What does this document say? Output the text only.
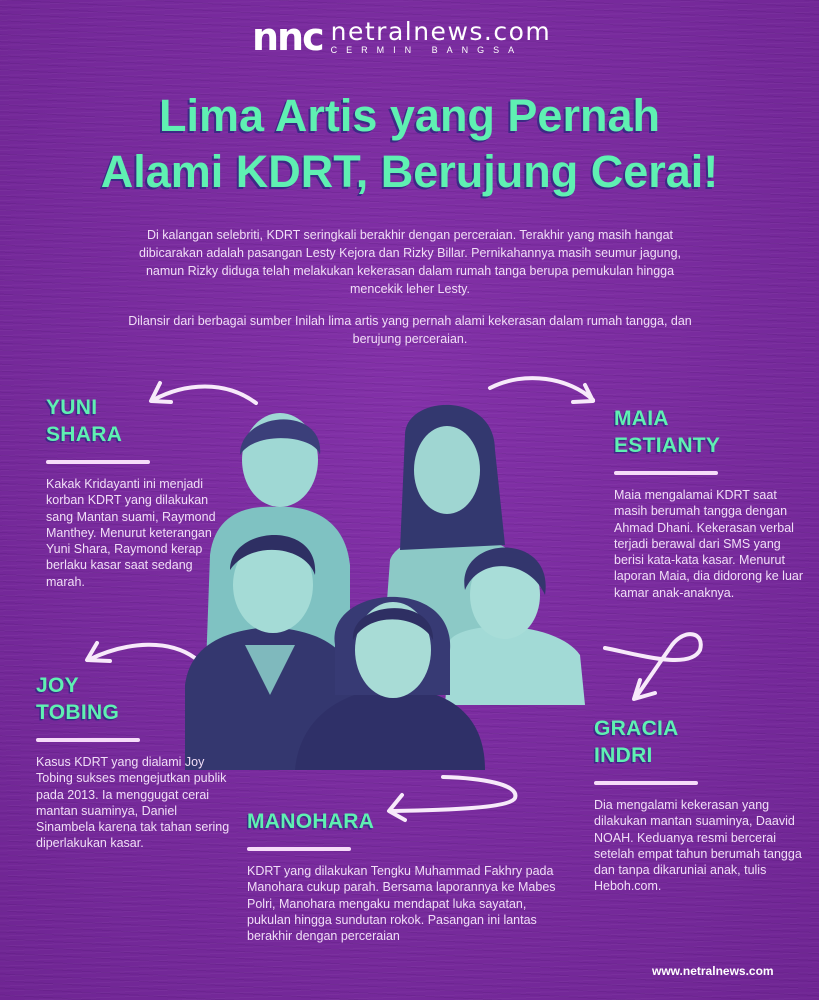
nnc netralnews.com
CERMIN BANGSA
Lima Artis yang Pernah
Alami KDRT, Berujung Cerai!

Di kalangan selebriti, KDRT seringkali berakhir dengan perceraian. Terakhir yang masih hangat dibicarakan adalah pasangan Lesty Kejora dan Rizky Billar. Pernikahannya masih seumur jagung, namun Rizky diduga telah melakukan kekerasan dalam rumah tanga berupa pemukulan hingga mencekik leher Lesty.

Dilansir dari berbagai sumber Inilah lima artis yang pernah alami kekerasan dalam rumah tangga, dan berujung perceraian.

YUNI
SHARA
Kakak Kridayanti ini menjadi korban KDRT yang dilakukan sang Mantan suami, Raymond Manthey. Menurut keterangan Yuni Shara, Raymond kerap berlaku kasar saat sedang marah.
MAIA
ESTIANTY
Maia mengalamai KDRT saat masih berumah tangga dengan Ahmad Dhani. Kekerasan verbal terjadi berawal dari SMS yang berisi kata-kata kasar. Menurut laporan Maia, dia didorong ke luar kamar anak-anaknya.
JOY
TOBING
Kasus KDRT yang dialami Joy Tobing sukses mengejutkan publik pada 2013. Ia menggugat cerai mantan suaminya, Daniel Sinambela karena tak tahan sering diperlakukan kasar.
GRACIA
INDRI
Dia mengalami kekerasan yang dilakukan mantan suaminya, Daavid NOAH. Keduanya resmi bercerai setelah empat tahun berumah tangga dan tanpa dikaruniai anak, tulis Heboh.com.
MANOHARA
KDRT yang dilakukan Tengku Muhammad Fakhry pada Manohara cukup parah. Bersama laporannya ke Mabes Polri, Manohara mengaku mendapat luka sayatan, pukulan hingga sundutan rokok. Pasangan ini lantas berakhir dengan perceraian
www.netralnews.com
